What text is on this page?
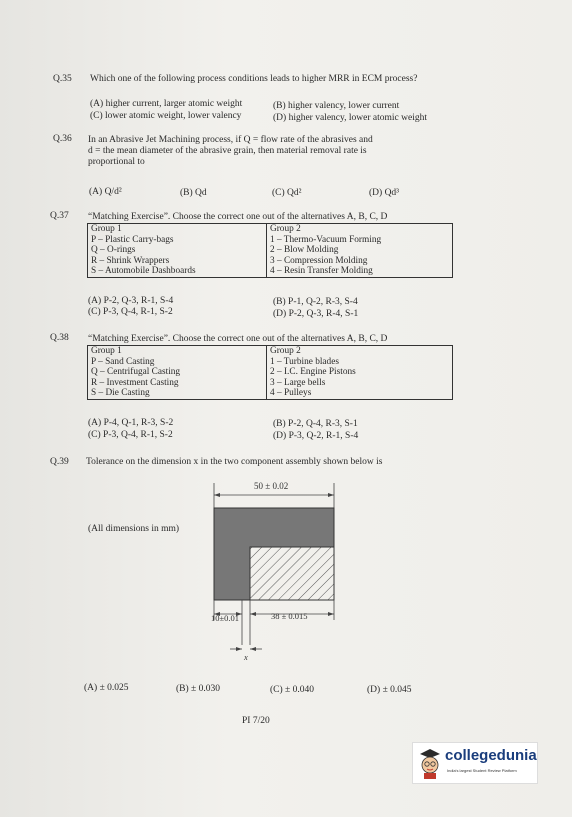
Q.35 Which one of the following process conditions leads to higher MRR in ECM process?
(A) higher current, larger atomic weight	(B) higher valency, lower current
(C) lower atomic weight, lower valency	(D) higher valency, lower atomic weight
Q.36 In an Abrasive Jet Machining process, if Q = flow rate of the abrasives and
d = the mean diameter of the abrasive grain, then material removal rate is
proportional to
(A) Q/d²	(B) Qd	(C) Qd²	(D) Qd³
Q.37 “Matching Exercise”. Choose the correct one out of the alternatives A, B, C, D
Group 1
P – Plastic Carry-bags
Q – O-rings
R – Shrink Wrappers
S – Automobile Dashboards

Group 2
1 – Thermo-Vacuum Forming
2 – Blow Molding
3 – Compression Molding
4 – Resin Transfer Molding
(A) P-2, Q-3, R-1, S-4	(B) P-1, Q-2, R-3, S-4
(C) P-3, Q-4, R-1, S-2	(D) P-2, Q-3, R-4, S-1
Q.38 “Matching Exercise”. Choose the correct one out of the alternatives A, B, C, D
Group 1
P – Sand Casting
Q – Centrifugal Casting
R – Investment Casting
S – Die Casting

Group 2
1 – Turbine blades
2 – I.C. Engine Pistons
3 – Large bells
4 – Pulleys
(A) P-4, Q-1, R-3, S-2	(B) P-2, Q-4, R-3, S-1
(C) P-3, Q-4, R-1, S-2	(D) P-3, Q-2, R-1, S-4
Q.39 Tolerance on the dimension x in the two component assembly shown below is
(All dimensions in mm)
50 ± 0.02
10±0.01	38 ± 0.015
x
(A) ± 0.025	(B) ± 0.030	(C) ± 0.040	(D) ± 0.045
PI 7/20
collegedunia
India's largest Student Review Platform
